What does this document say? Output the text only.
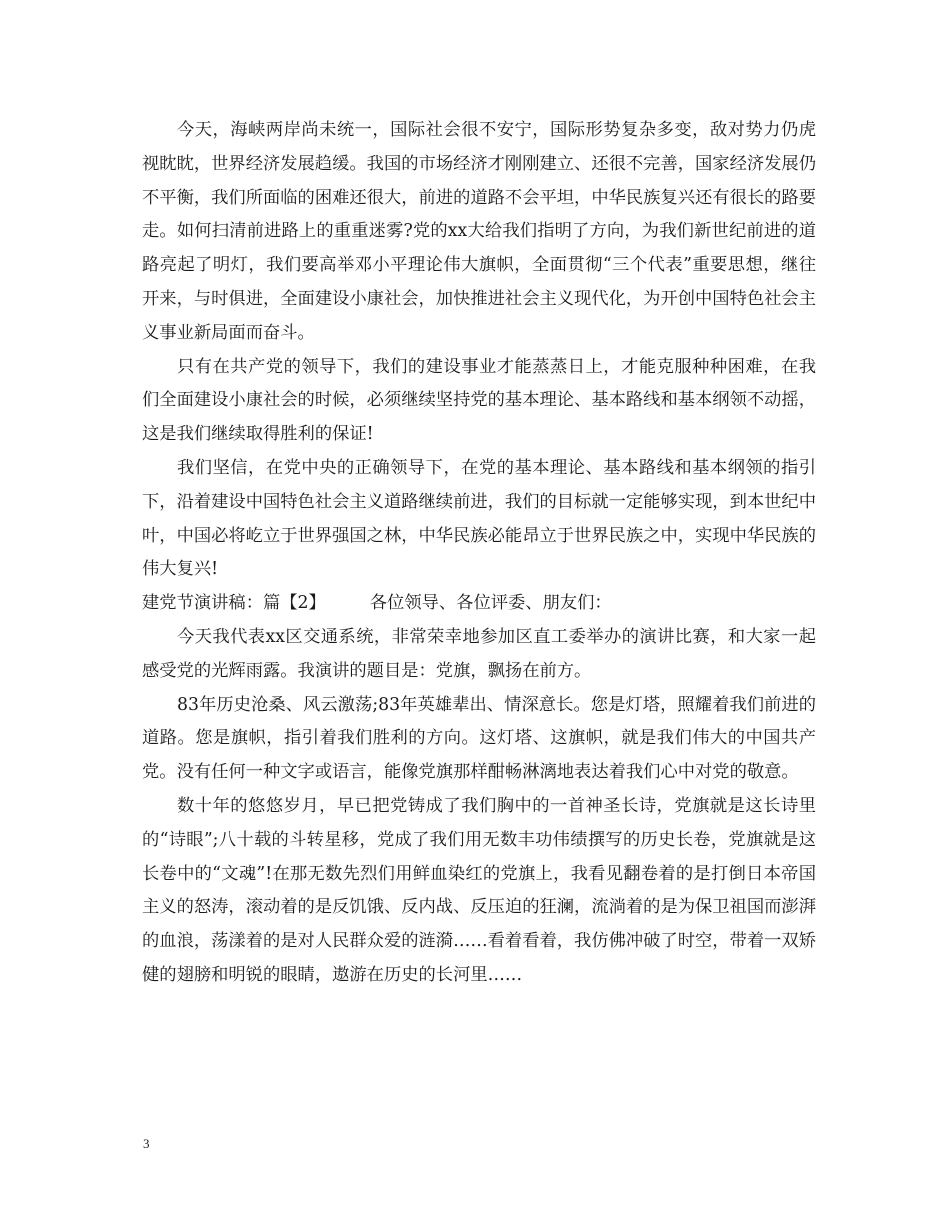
今天，海峡两岸尚未统一，国际社会很不安宁，国际形势复杂多变，敌对势力仍虎视眈眈，世界经济发展趋缓。我国的市场经济才刚刚建立、还很不完善，国家经济发展仍不平衡，我们所面临的困难还很大，前进的道路不会平坦，中华民族复兴还有很长的路要走。如何扫清前进路上的重重迷雾?党的xx大给我们指明了方向，为我们新世纪前进的道路亮起了明灯，我们要高举邓小平理论伟大旗帜，全面贯彻“三个代表”重要思想，继往开来，与时俱进，全面建设小康社会，加快推进社会主义现代化，为开创中国特色社会主义事业新局面而奋斗。

只有在共产党的领导下，我们的建设事业才能蒸蒸日上，才能克服种种困难，在我们全面建设小康社会的时候，必须继续坚持党的基本理论、基本路线和基本纲领不动摇，这是我们继续取得胜利的保证!

我们坚信，在党中央的正确领导下，在党的基本理论、基本路线和基本纲领的指引下，沿着建设中国特色社会主义道路继续前进，我们的目标就一定能够实现，到本世纪中叶，中国必将屹立于世界强国之林，中华民族必能昂立于世界民族之中，实现中华民族的伟大复兴!

建党节演讲稿：篇【2】        各位领导、各位评委、朋友们：

今天我代表xx区交通系统，非常荣幸地参加区直工委举办的演讲比赛，和大家一起感受党的光辉雨露。我演讲的题目是：党旗，飘扬在前方。

83年历史沧桑、风云激荡;83年英雄辈出、情深意长。您是灯塔，照耀着我们前进的道路。您是旗帜，指引着我们胜利的方向。这灯塔、这旗帜，就是我们伟大的中国共产党。没有任何一种文字或语言，能像党旗那样酣畅淋漓地表达着我们心中对党的敬意。

数十年的悠悠岁月，早已把党铸成了我们胸中的一首神圣长诗，党旗就是这长诗里的“诗眼”;八十载的斗转星移，党成了我们用无数丰功伟绩撰写的历史长卷，党旗就是这长卷中的“文魂”!在那无数先烈们用鲜血染红的党旗上，我看见翻卷着的是打倒日本帝国主义的怒涛，滚动着的是反饥饿、反内战、反压迫的狂澜，流淌着的是为保卫祖国而澎湃的血浪，荡漾着的是对人民群众爱的涟漪……看着看着，我仿佛冲破了时空，带着一双矫健的翅膀和明锐的眼睛，遨游在历史的长河里……

3
